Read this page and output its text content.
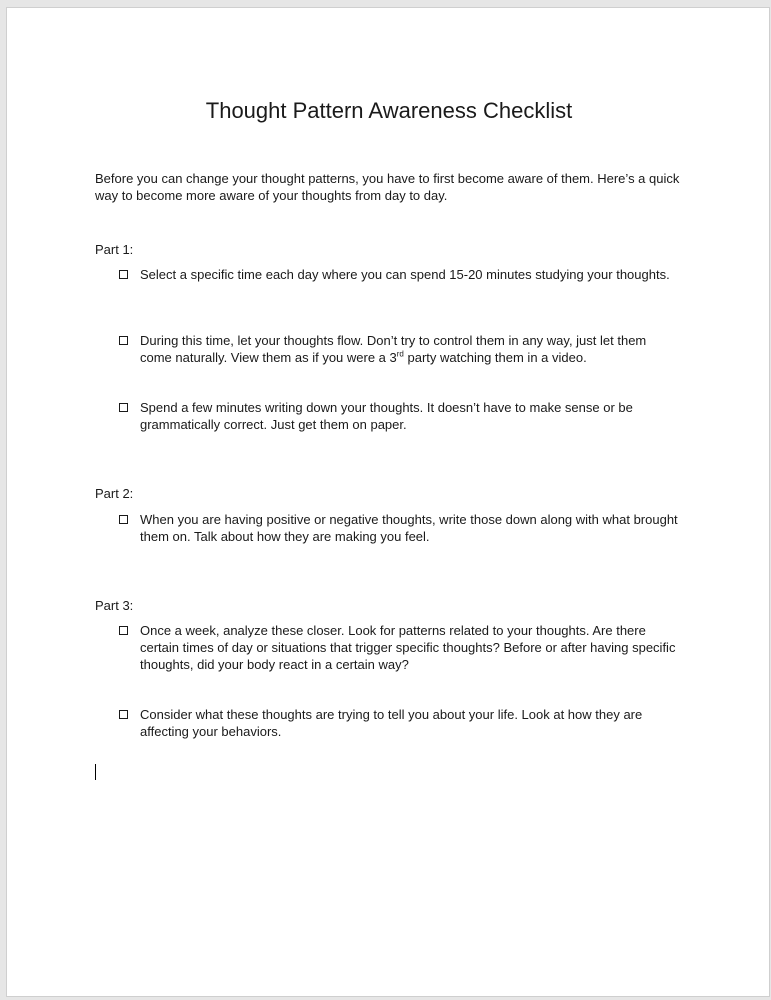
Thought Pattern Awareness Checklist
Before you can change your thought patterns, you have to first become aware of them. Here’s a quick way to become more aware of your thoughts from day to day.
Part 1:
Select a specific time each day where you can spend 15-20 minutes studying your thoughts.
During this time, let your thoughts flow. Don’t try to control them in any way, just let them come naturally. View them as if you were a 3rd party watching them in a video.
Spend a few minutes writing down your thoughts. It doesn’t have to make sense or be grammatically correct. Just get them on paper.
Part 2:
When you are having positive or negative thoughts, write those down along with what brought them on. Talk about how they are making you feel.
Part 3:
Once a week, analyze these closer. Look for patterns related to your thoughts. Are there certain times of day or situations that trigger specific thoughts? Before or after having specific thoughts, did your body react in a certain way?
Consider what these thoughts are trying to tell you about your life. Look at how they are affecting your behaviors.
